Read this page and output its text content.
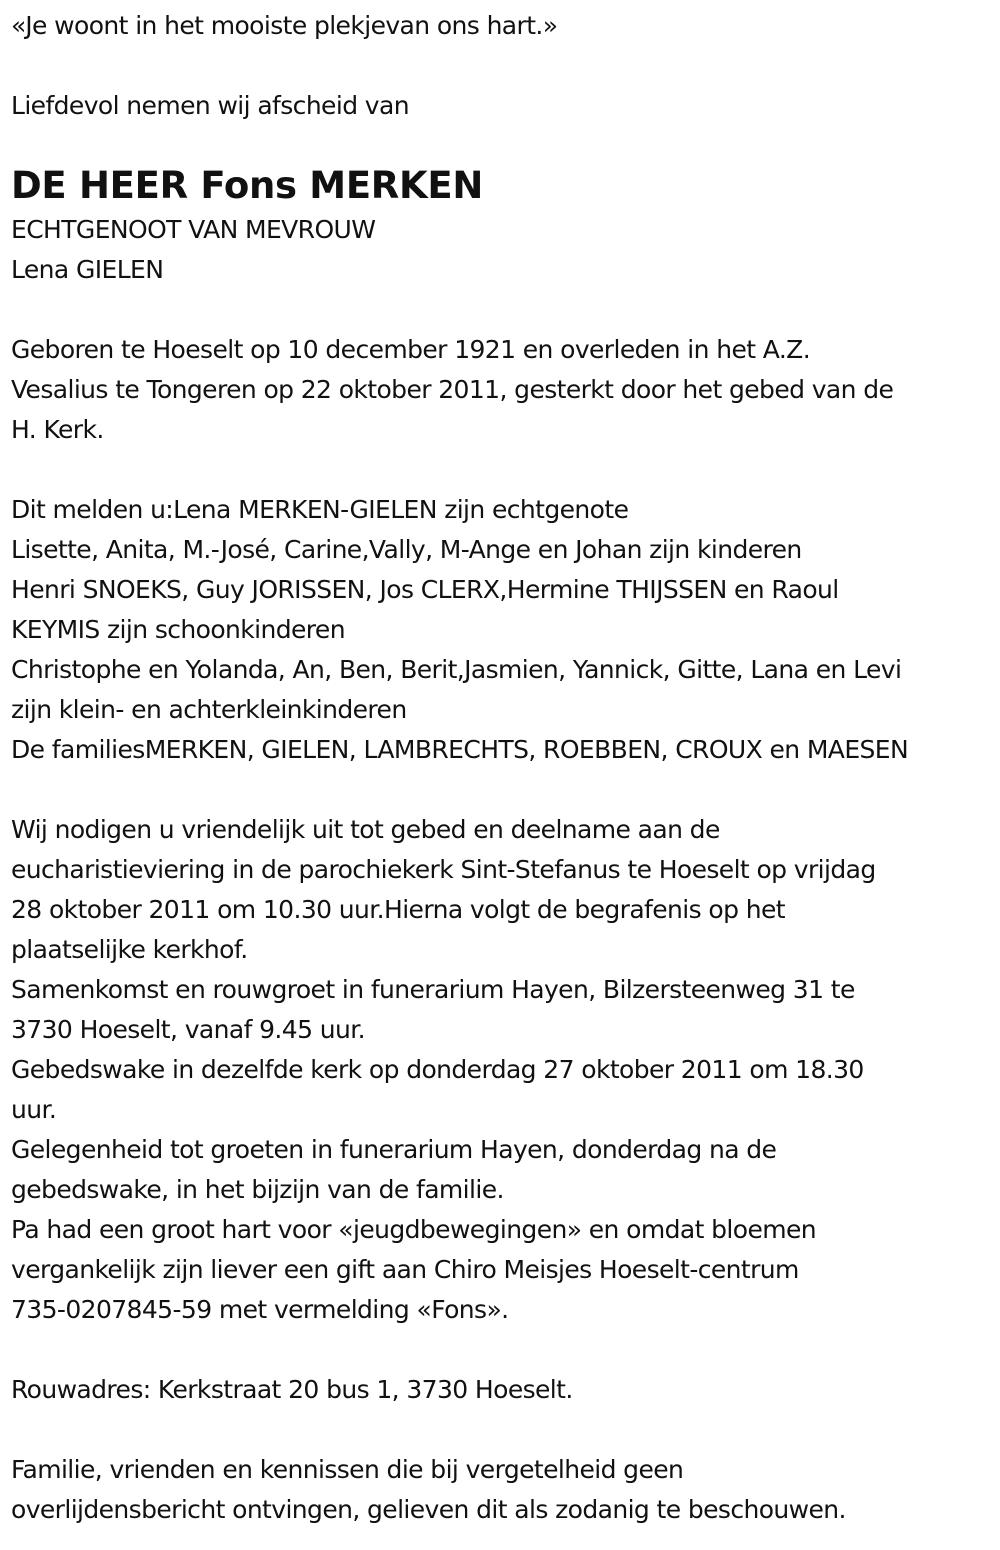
«Je woont in het mooiste plekjevan ons hart.»
Liefdevol nemen wij afscheid van
DE HEER Fons MERKEN
ECHTGENOOT VAN MEVROUW
Lena GIELEN
Geboren te Hoeselt op 10 december 1921 en overleden in het A.Z.
Vesalius te Tongeren op 22 oktober 2011, gesterkt door het gebed van de
H. Kerk.
Dit melden u:Lena MERKEN-GIELEN zijn echtgenote
Lisette, Anita, M.-José, Carine,Vally, M-Ange en Johan zijn kinderen
Henri SNOEKS, Guy JORISSEN, Jos CLERX,Hermine THIJSSEN en Raoul
KEYMIS zijn schoonkinderen
Christophe en Yolanda, An, Ben, Berit,Jasmien, Yannick, Gitte, Lana en Levi
zijn klein- en achterkleinkinderen
De familiesMERKEN, GIELEN, LAMBRECHTS, ROEBBEN, CROUX en MAESEN
Wij nodigen u vriendelijk uit tot gebed en deelname aan de
eucharistieviering in de parochiekerk Sint-Stefanus te Hoeselt op vrijdag
28 oktober 2011 om 10.30 uur.Hierna volgt de begrafenis op het
plaatselijke kerkhof.
Samenkomst en rouwgroet in funerarium Hayen, Bilzersteenweg 31 te
3730 Hoeselt, vanaf 9.45 uur.
Gebedswake in dezelfde kerk op donderdag 27 oktober 2011 om 18.30
uur.
Gelegenheid tot groeten in funerarium Hayen, donderdag na de
gebedswake, in het bijzijn van de familie.
Pa had een groot hart voor «jeugdbewegingen» en omdat bloemen
vergankelijk zijn liever een gift aan Chiro Meisjes Hoeselt-centrum
735-0207845-59 met vermelding «Fons».
Rouwadres: Kerkstraat 20 bus 1, 3730 Hoeselt.
Familie, vrienden en kennissen die bij vergetelheid geen
overlijdensbericht ontvingen, gelieven dit als zodanig te beschouwen.
